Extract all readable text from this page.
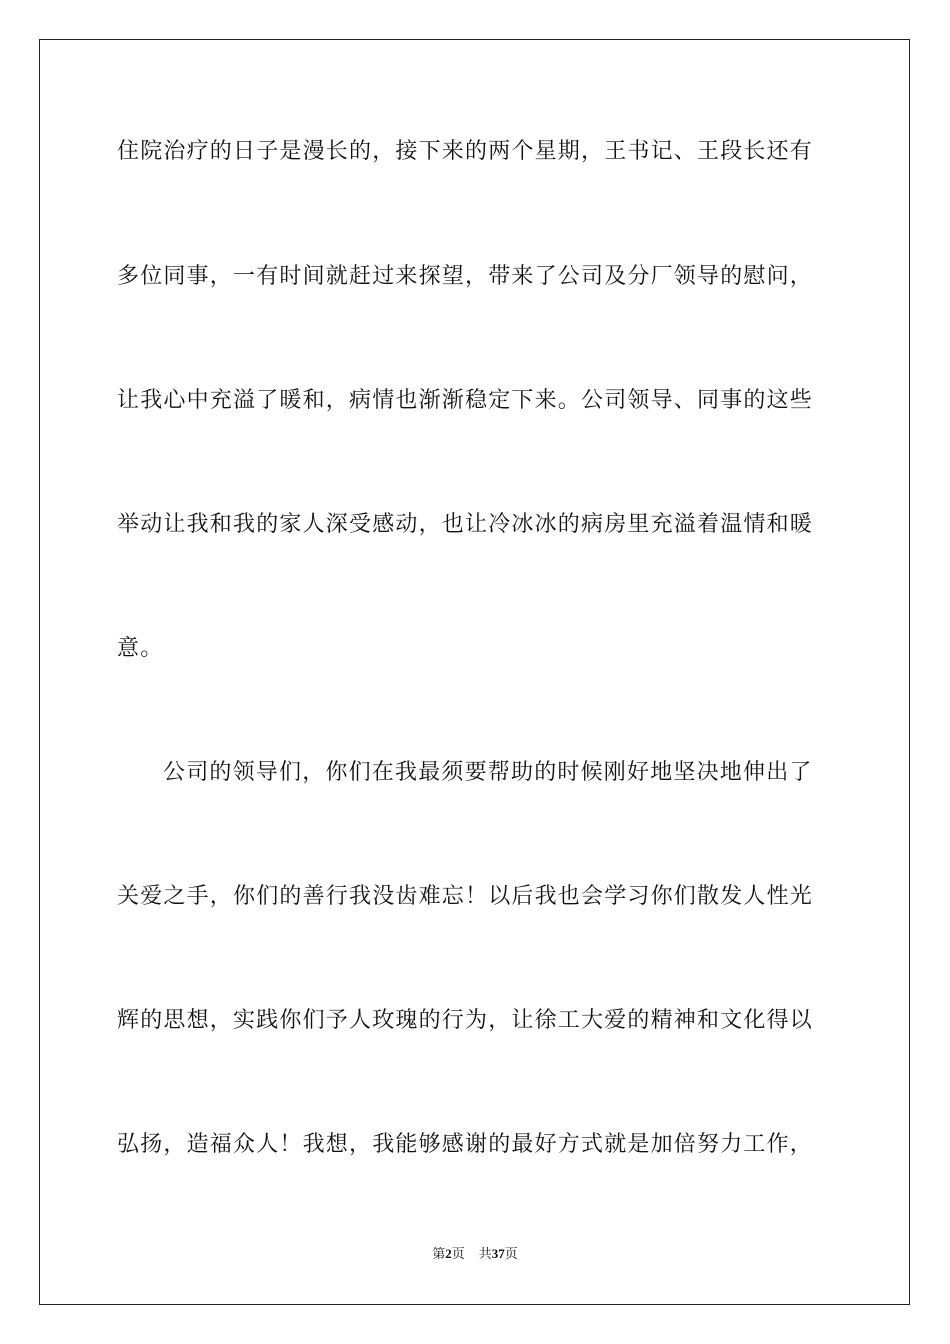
住院治疗的日子是漫长的，接下来的两个星期，王书记、王段长还有

多位同事，一有时间就赶过来探望，带来了公司及分厂领导的慰问，

让我心中充溢了暖和，病情也渐渐稳定下来。公司领导、同事的这些

举动让我和我的家人深受感动，也让冷冰冰的病房里充溢着温情和暖

意。

公司的领导们，你们在我最须要帮助的时候刚好地坚决地伸出了

关爱之手，你们的善行我没齿难忘！以后我也会学习你们散发人性光

辉的思想，实践你们予人玫瑰的行为，让徐工大爱的精神和文化得以

弘扬，造福众人！我想，我能够感谢的最好方式就是加倍努力工作，

第2页 共37页
